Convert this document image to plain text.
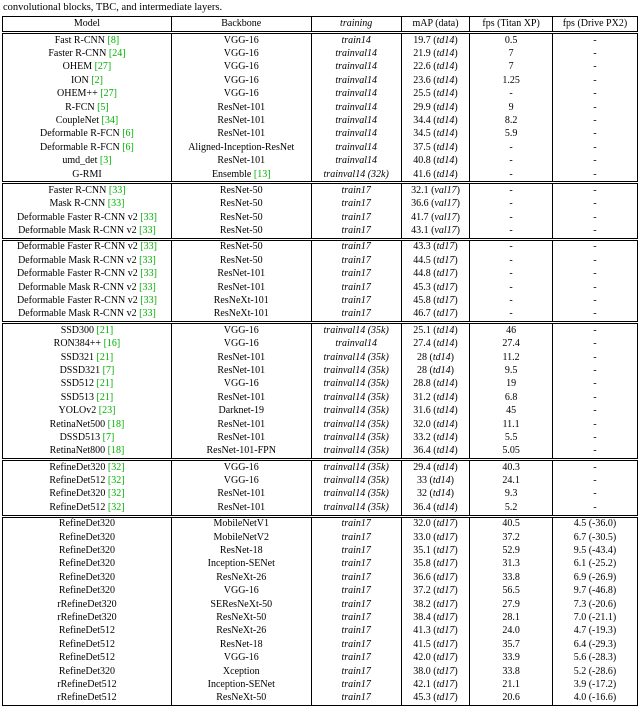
convolutional blocks, TBC, and intermediate layers.
Model	Backbone	training	mAP (data)	fps (Titan XP)	fps (Drive PX2)
Fast R-CNN [8]	VGG-16	train14	19.7 (td14)	0.5	-
Faster R-CNN [24]	VGG-16	trainval14	21.9 (td14)	7	-
OHEM [27]	VGG-16	trainval14	22.6 (td14)	7	-
ION [2]	VGG-16	trainval14	23.6 (td14)	1.25	-
OHEM++ [27]	VGG-16	trainval14	25.5 (td14)	-	-
R-FCN [5]	ResNet-101	trainval14	29.9 (td14)	9	-
CoupleNet [34]	ResNet-101	trainval14	34.4 (td14)	8.2	-
Deformable R-FCN [6]	ResNet-101	trainval14	34.5 (td14)	5.9	-
Deformable R-FCN [6]	Aligned-Inception-ResNet	trainval14	37.5 (td14)	-	-
umd_det [3]	ResNet-101	trainval14	40.8 (td14)	-	-
G-RMI	Ensemble [13]	trainval14 (32k)	41.6 (td14)	-	-
Faster R-CNN [33]	ResNet-50	train17	32.1 (val17)	-	-
Mask R-CNN [33]	ResNet-50	train17	36.6 (val17)	-	-
Deformable Faster R-CNN v2 [33]	ResNet-50	train17	41.7 (val17)	-	-
Deformable Mask R-CNN v2 [33]	ResNet-50	train17	43.1 (val17)	-	-
Deformable Faster R-CNN v2 [33]	ResNet-50	train17	43.3 (td17)	-	-
Deformable Mask R-CNN v2 [33]	ResNet-50	train17	44.5 (td17)	-	-
Deformable Faster R-CNN v2 [33]	ResNet-101	train17	44.8 (td17)	-	-
Deformable Mask R-CNN v2 [33]	ResNet-101	train17	45.3 (td17)	-	-
Deformable Faster R-CNN v2 [33]	ResNeXt-101	train17	45.8 (td17)	-	-
Deformable Mask R-CNN v2 [33]	ResNeXt-101	train17	46.7 (td17)	-	-
SSD300 [21]	VGG-16	trainval14 (35k)	25.1 (td14)	46	-
RON384++ [16]	VGG-16	trainval14	27.4 (td14)	27.4	-
SSD321 [21]	ResNet-101	trainval14 (35k)	28 (td14)	11.2	-
DSSD321 [7]	ResNet-101	trainval14 (35k)	28 (td14)	9.5	-
SSD512 [21]	VGG-16	trainval14 (35k)	28.8 (td14)	19	-
SSD513 [21]	ResNet-101	trainval14 (35k)	31.2 (td14)	6.8	-
YOLOv2 [23]	Darknet-19	trainval14 (35k)	31.6 (td14)	45	-
RetinaNet500 [18]	ResNet-101	trainval14 (35k)	32.0 (td14)	11.1	-
DSSD513 [7]	ResNet-101	trainval14 (35k)	33.2 (td14)	5.5	-
RetinaNet800 [18]	ResNet-101-FPN	trainval14 (35k)	36.4 (td14)	5.05	-
RefineDet320 [32]	VGG-16	trainval14 (35k)	29.4 (td14)	40.3	-
RefineDet512 [32]	VGG-16	trainval14 (35k)	33 (td14)	24.1	-
RefineDet320 [32]	ResNet-101	trainval14 (35k)	32 (td14)	9.3	-
RefineDet512 [32]	ResNet-101	trainval14 (35k)	36.4 (td14)	5.2	-
RefineDet320	MobileNetV1	train17	32.0 (td17)	40.5	4.5 (-36.0)
RefineDet320	MobileNetV2	train17	33.0 (td17)	37.2	6.7 (-30.5)
RefineDet320	ResNet-18	train17	35.1 (td17)	52.9	9.5 (-43.4)
RefineDet320	Inception-SENet	train17	35.8 (td17)	31.3	6.1 (-25.2)
RefineDet320	ResNeXt-26	train17	36.6 (td17)	33.8	6.9 (-26.9)
RefineDet320	VGG-16	train17	37.2 (td17)	56.5	9.7 (-46.8)
rRefineDet320	SEResNeXt-50	train17	38.2 (td17)	27.9	7.3 (-20.6)
rRefineDet320	ResNeXt-50	train17	38.4 (td17)	28.1	7.0 (-21.1)
RefineDet512	ResNeXt-26	train17	41.3 (td17)	24.0	4.7 (-19.3)
RefineDet512	ResNet-18	train17	41.5 (td17)	35.7	6.4 (-29.3)
RefineDet512	VGG-16	train17	42.0 (td17)	33.9	5.6 (-28.3)
RefineDet320	Xception	train17	38.0 (td17)	33.8	5.2 (-28.6)
rRefineDet512	Inception-SENet	train17	42.1 (td17)	21.1	3.9 (-17.2)
rRefineDet512	ResNeXt-50	train17	45.3 (td17)	20.6	4.0 (-16.6)
